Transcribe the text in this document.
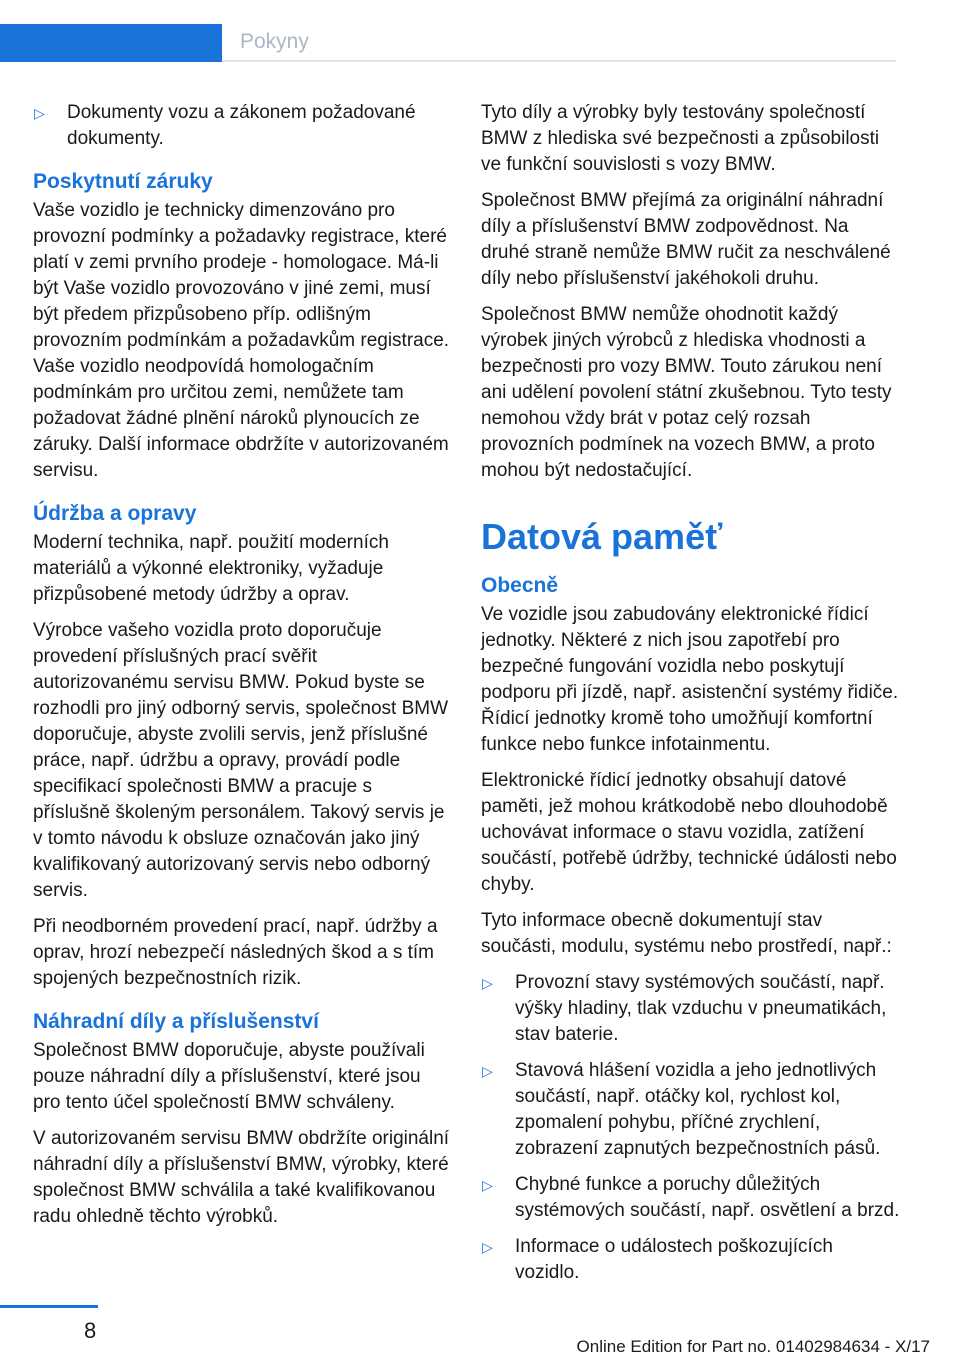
Pokyny
▷	Dokumenty vozu a zákonem požadované dokumenty.
Poskytnutí záruky

Vaše vozidlo je technicky dimenzováno pro provozní podmínky a požadavky registrace, které platí v zemi prvního prodeje - homologace. Má-li být Vaše vozidlo provozováno v jiné zemi, musí být předem přizpůsobeno příp. odlišným provozním podmínkám a požadavkům registrace. Vaše vozidlo neodpovídá homologačním podmínkám pro určitou zemi, nemůžete tam požadovat žádné plnění nároků plynoucích ze záruky. Další informace obdržíte v autorizovaném servisu.

Údržba a opravy

Moderní technika, např. použití moderních materiálů a výkonné elektroniky, vyžaduje přizpůsobené metody údržby a oprav.

Výrobce vašeho vozidla proto doporučuje provedení příslušných prací svěřit autorizovanému servisu BMW. Pokud byste se rozhodli pro jiný odborný servis, společnost BMW doporučuje, abyste zvolili servis, jenž příslušné práce, např. údržbu a opravy, provádí podle specifikací společnosti BMW a pracuje s příslušně školeným personálem. Takový servis je v tomto návodu k obsluze označován jako jiný kvalifikovaný autorizovaný servis nebo odborný servis.

Při neodborném provedení prací, např. údržby a oprav, hrozí nebezpečí následných škod a s tím spojených bezpečnostních rizik.

Náhradní díly a příslušenství

Společnost BMW doporučuje, abyste používali pouze náhradní díly a příslušenství, které jsou pro tento účel společností BMW schváleny.

V autorizovaném servisu BMW obdržíte originální náhradní díly a příslušenství BMW, výrobky, které společnost BMW schválila a také kvalifikovanou radu ohledně těchto výrobků.

Tyto díly a výrobky byly testovány společností BMW z hlediska své bezpečnosti a způsobilosti ve funkční souvislosti s vozy BMW.

Společnost BMW přejímá za originální náhradní díly a příslušenství BMW zodpovědnost. Na druhé straně nemůže BMW ručit za neschválené díly nebo příslušenství jakéhokoli druhu.

Společnost BMW nemůže ohodnotit každý výrobek jiných výrobců z hlediska vhodnosti a bezpečnosti pro vozy BMW. Touto zárukou není ani udělení povolení státní zkušebnou. Tyto testy nemohou vždy brát v potaz celý rozsah provozních podmínek na vozech BMW, a proto mohou být nedostačující.

Datová paměť
Obecně

Ve vozidle jsou zabudovány elektronické řídicí jednotky. Některé z nich jsou zapotřebí pro bezpečné fungování vozidla nebo poskytují podporu při jízdě, např. asistenční systémy řidiče. Řídicí jednotky kromě toho umožňují komfortní funkce nebo funkce infotainmentu.

Elektronické řídicí jednotky obsahují datové paměti, jež mohou krátkodobě nebo dlouhodobě uchovávat informace o stavu vozidla, zatížení součástí, potřebě údržby, technické údálosti nebo chyby.

Tyto informace obecně dokumentují stav součásti, modulu, systému nebo prostředí, např.:

▷	Provozní stavy systémových součástí, např. výšky hladiny, tlak vzduchu v pneumatikách, stav baterie.
▷	Stavová hlášení vozidla a jeho jednotlivých součástí, např. otáčky kol, rychlost kol, zpomalení pohybu, příčné zrychlení, zobrazení zapnutých bezpečnostních pásů.
▷	Chybné funkce a poruchy důležitých systémových součástí, např. osvětlení a brzd.
▷	Informace o událostech poškozujících vozidlo.
8
Online Edition for Part no. 01402984634 - X/17
